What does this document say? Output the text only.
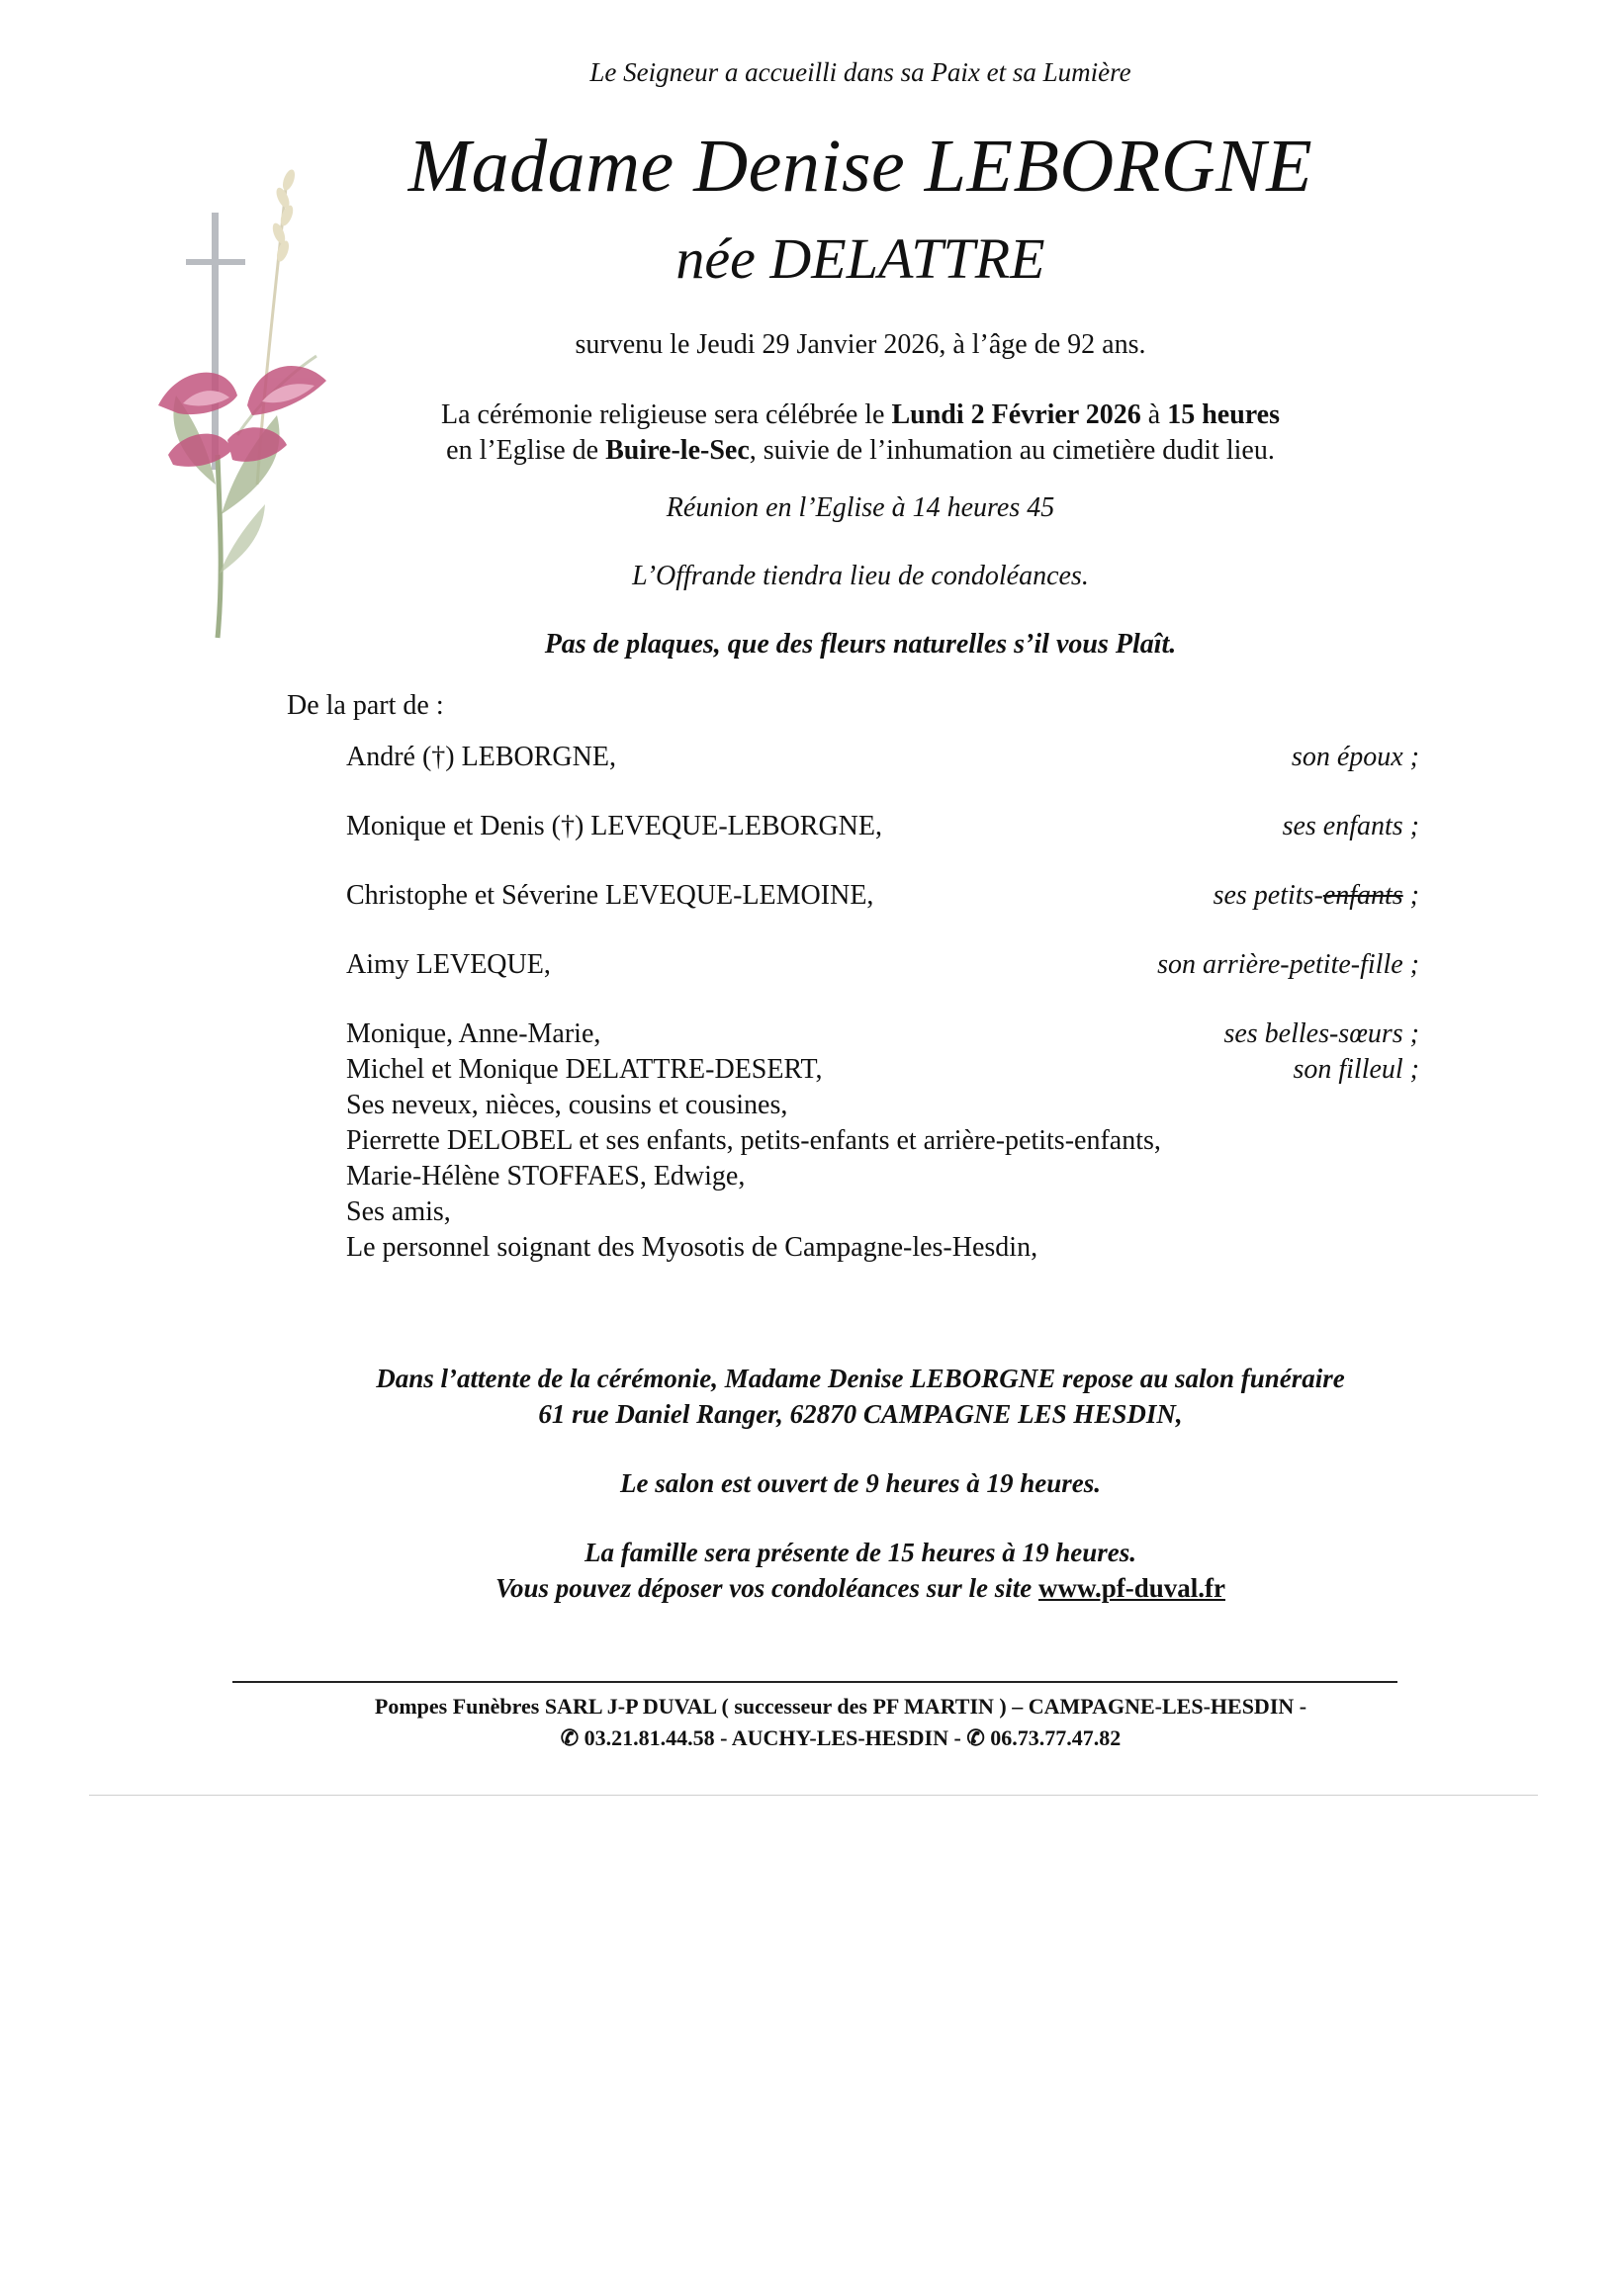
Le Seigneur a accueilli dans sa Paix et sa Lumière
Madame Denise LEBORGNE
née DELATTRE
survenu le Jeudi 29 Janvier 2026, à l’âge de 92 ans.
La cérémonie religieuse sera célébrée le Lundi 2 Février 2026 à 15 heures
en l’Eglise de Buire-le-Sec, suivie de l’inhumation au cimetière dudit lieu.
Réunion en l’Eglise à 14 heures 45
L’Offrande tiendra lieu de condoléances.
Pas de plaques, que des fleurs naturelles s’il vous Plaît.
De la part de :
André (†) LEBORGNE,	son époux ;
Monique et Denis (†) LEVEQUE-LEBORGNE,	ses enfants ;
Christophe et Séverine LEVEQUE-LEMOINE,	ses petits-enfants ;
Aimy LEVEQUE,	son arrière-petite-fille ;
Monique, Anne-Marie,	ses belles-sœurs ;
Michel et Monique DELATTRE-DESERT,	son filleul ;
Ses neveux, nièces, cousins et cousines,
Pierrette DELOBEL et ses enfants, petits-enfants et arrière-petits-enfants,
Marie-Hélène STOFFAES, Edwige,
Ses amis,
Le personnel soignant des Myosotis de Campagne-les-Hesdin,
Dans l’attente de la cérémonie, Madame Denise LEBORGNE repose au salon funéraire
61 rue Daniel Ranger, 62870 CAMPAGNE LES HESDIN,
Le salon est ouvert de 9 heures à 19 heures.
La famille sera présente de 15 heures à 19 heures.
Vous pouvez déposer vos condoléances sur le site www.pf-duval.fr
Pompes Funèbres SARL J-P DUVAL ( successeur des PF MARTIN ) – CAMPAGNE-LES-HESDIN -
✆ 03.21.81.44.58 - AUCHY-LES-HESDIN - ✆ 06.73.77.47.82
